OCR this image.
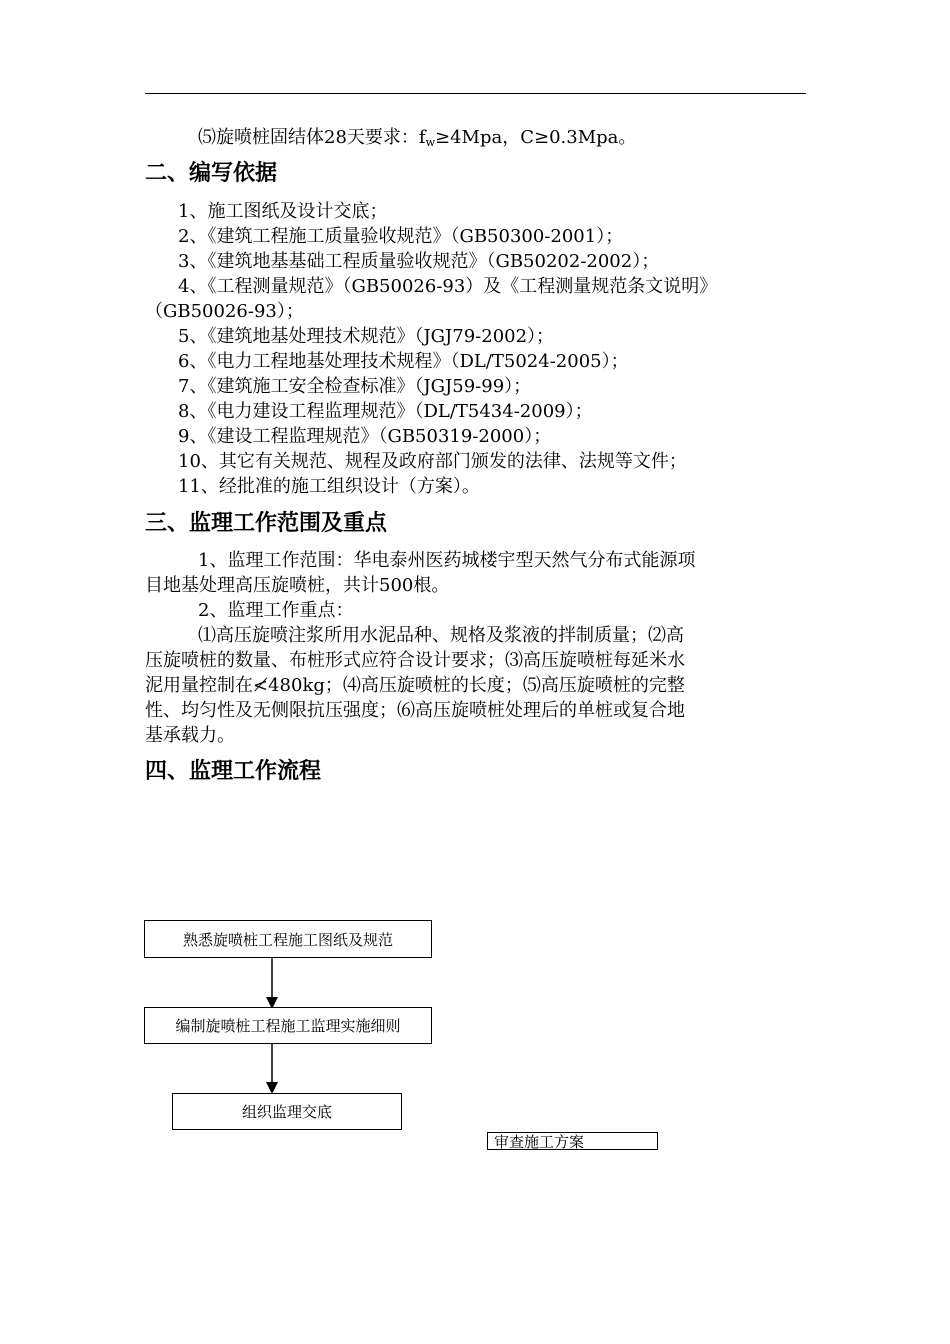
⑸旋喷桩固结体28天要求：$f_w\ge 4Mpa$，C≥0.3Mpa。
二、编写依据
1、施工图纸及设计交底；
2、《建筑工程施工质量验收规范》（GB50300-2001）；
3、《建筑地基基础工程质量验收规范》（GB50202-2002）；
4、《工程测量规范》（GB50026-93）及《工程测量规范条文说明》
（GB50026-93）；
5、《建筑地基处理技术规范》（JGJ79-2002）；
6、《电力工程地基处理技术规程》（DL/T5024-2005）；
7、《建筑施工安全检查标准》（JGJ59-99）；
8、《电力建设工程监理规范》（DL/T5434-2009）；
9、《建设工程监理规范》（GB50319-2000）；
10、其它有关规范、规程及政府部门颁发的法律、法规等文件；
11、经批准的施工组织设计（方案）。
三、监理工作范围及重点
1、监理工作范围：华电泰州医药城楼宇型天然气分布式能源项
目地基处理高压旋喷桩，共计500根。
2、监理工作重点：
⑴高压旋喷注浆所用水泥品种、规格及浆液的拌制质量；⑵高
压旋喷桩的数量、布桩形式应符合设计要求；⑶高压旋喷桩每延米水
泥用量控制在≮480kg；⑷高压旋喷桩的长度；⑸高压旋喷桩的完整
性、均匀性及无侧限抗压强度；⑹高压旋喷桩处理后的单桩或复合地
基承载力。
四、监理工作流程
熟悉旋喷桩工程施工图纸及规范
编制旋喷桩工程施工监理实施细则
组织监理交底
审查施工方案
